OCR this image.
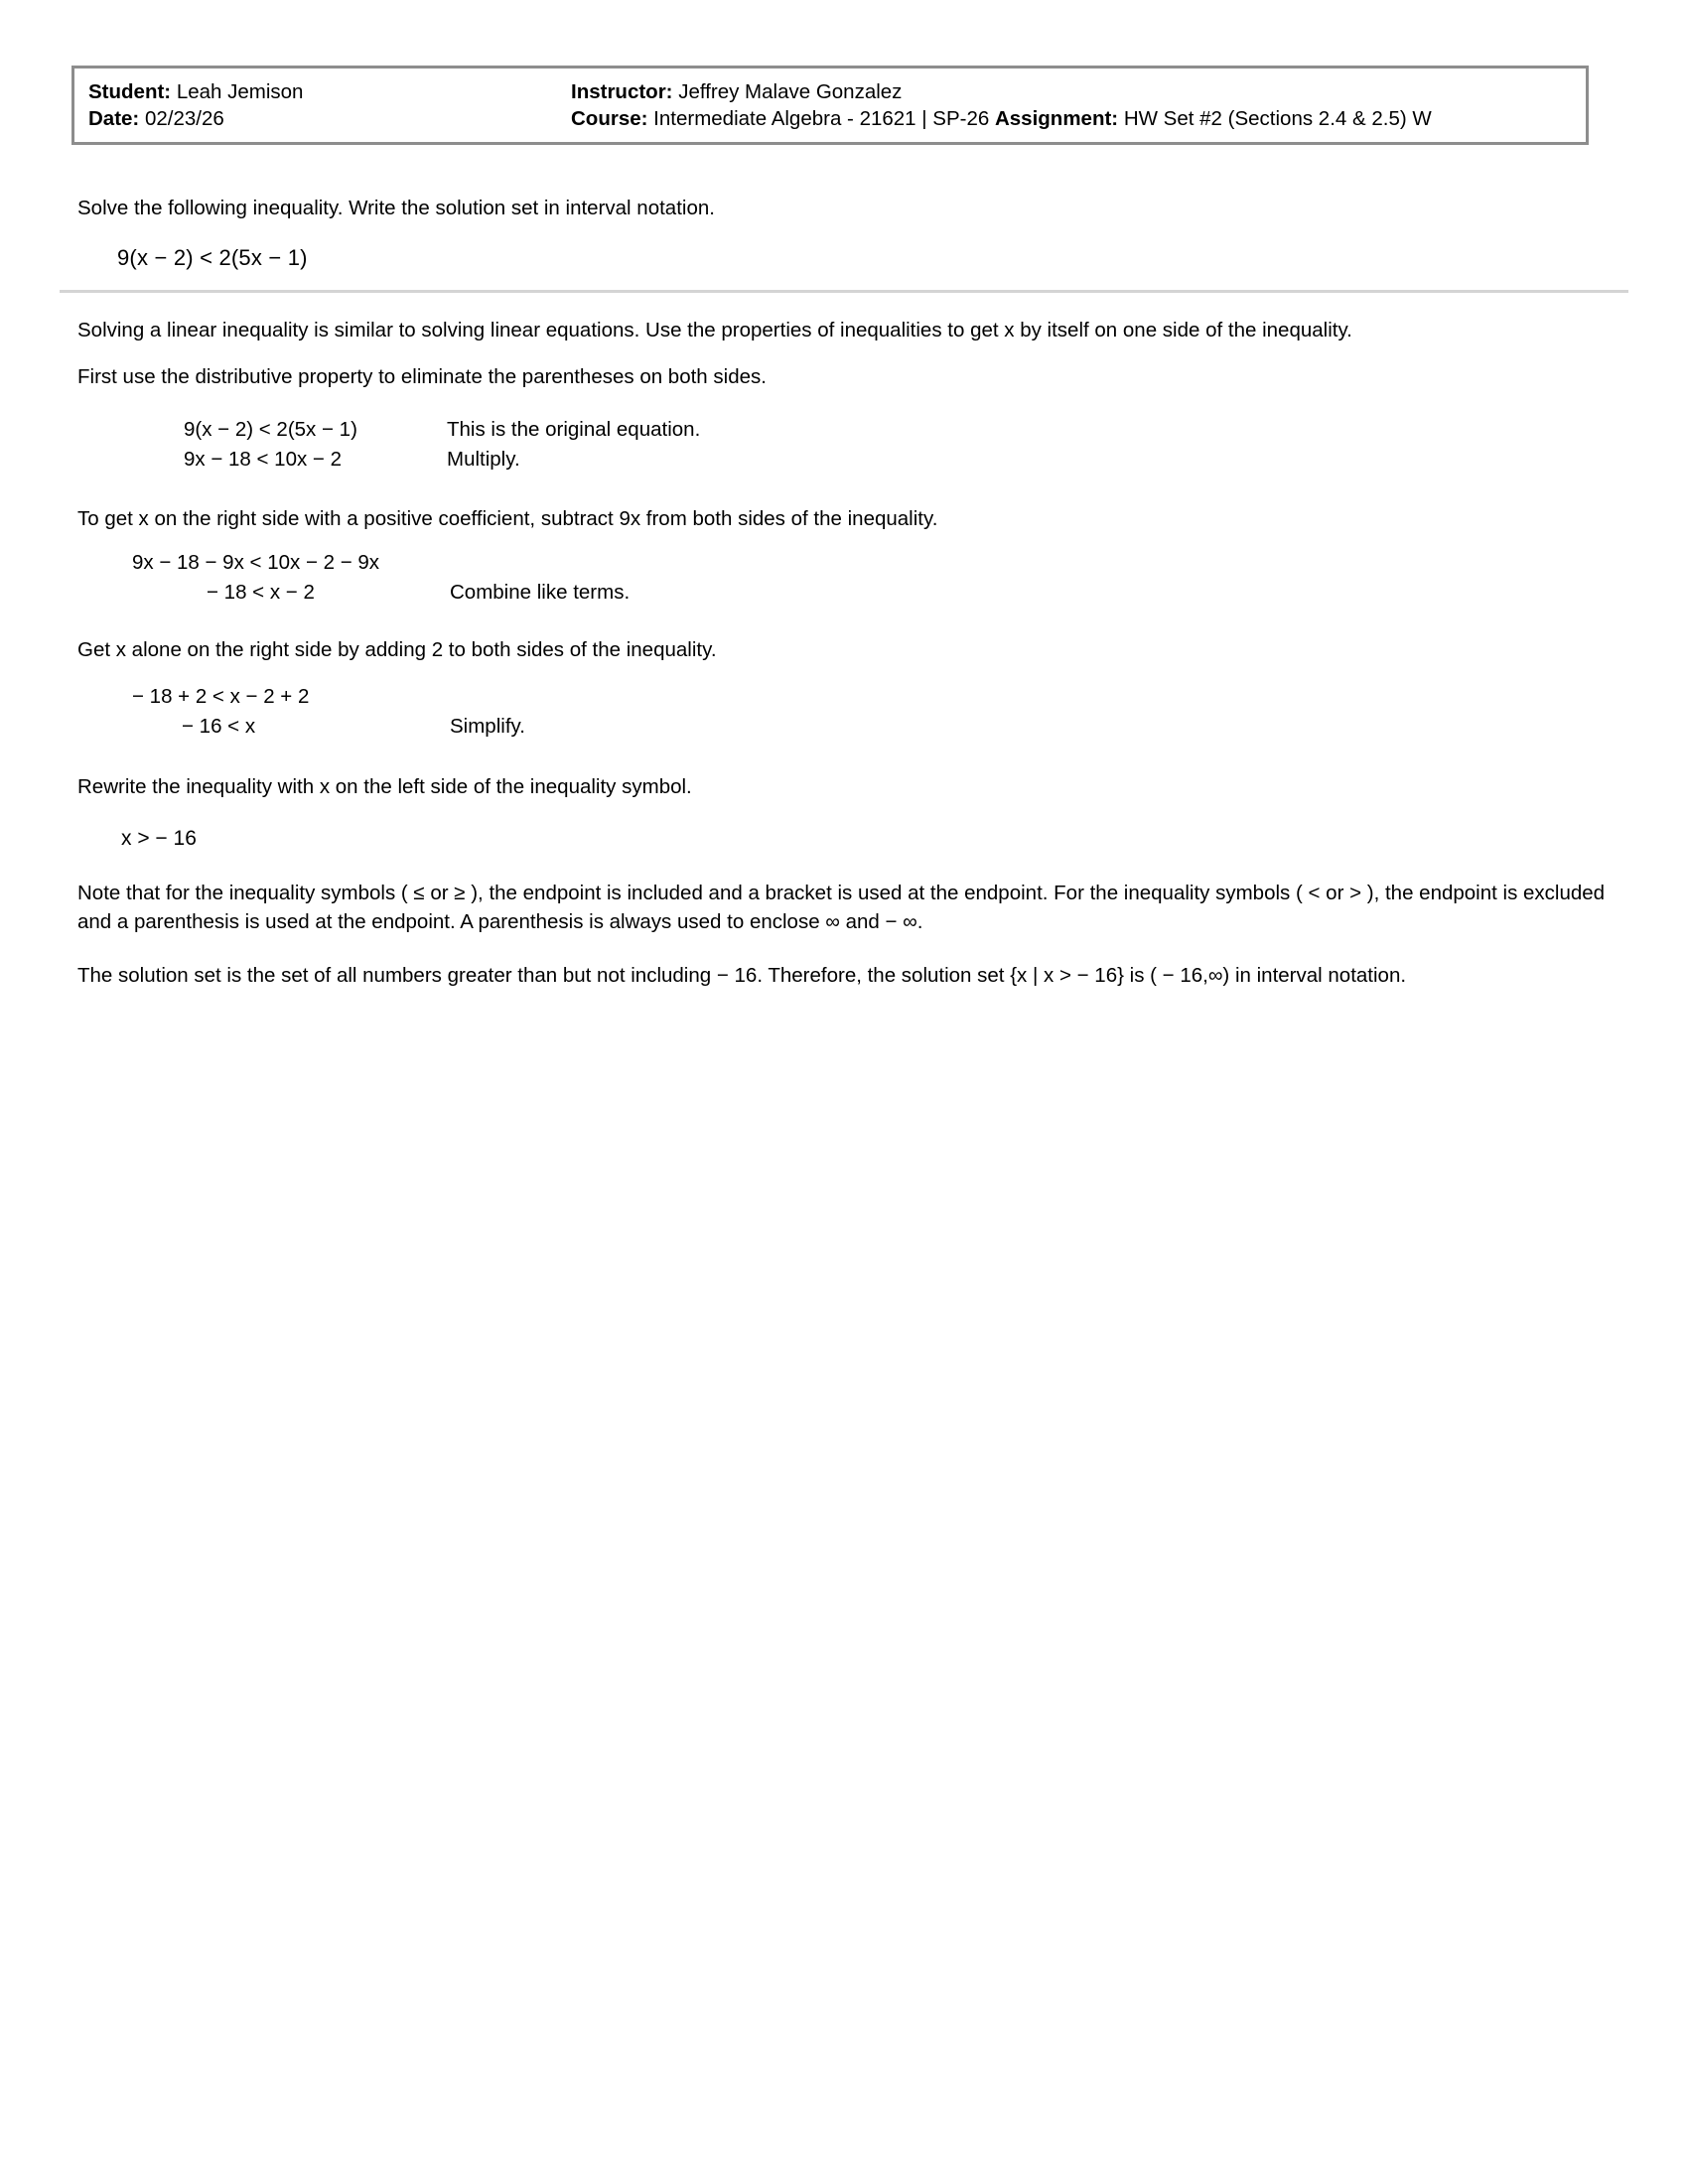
Student: Leah Jemison
Date: 02/23/26
Instructor: Jeffrey Malave Gonzalez
Course: Intermediate Algebra - 21621 | SP-26 Assignment: HW Set #2 (Sections 2.4 & 2.5) W
Solve the following inequality. Write the solution set in interval notation.
9(x − 2) < 2(5x − 1)
Solving a linear inequality is similar to solving linear equations. Use the properties of inequalities to get x by itself on one side of the inequality.
First use the distributive property to eliminate the parentheses on both sides.
9(x − 2) < 2(5x − 1)	This is the original equation.
9x − 18 < 10x − 2	Multiply.
To get x on the right side with a positive coefficient, subtract 9x from both sides of the inequality.
9x − 18 − 9x < 10x − 2 − 9x
− 18 < x − 2	Combine like terms.
Get x alone on the right side by adding 2 to both sides of the inequality.
− 18 + 2 < x − 2 + 2
− 16 < x	Simplify.
Rewrite the inequality with x on the left side of the inequality symbol.
x > − 16
Note that for the inequality symbols ( ≤ or ≥ ), the endpoint is included and a bracket is used at the endpoint. For the inequality symbols ( < or > ), the endpoint is excluded and a parenthesis is used at the endpoint. A parenthesis is always used to enclose ∞ and − ∞.
The solution set is the set of all numbers greater than but not including − 16. Therefore, the solution set {x | x > − 16} is ( − 16,∞) in interval notation.
